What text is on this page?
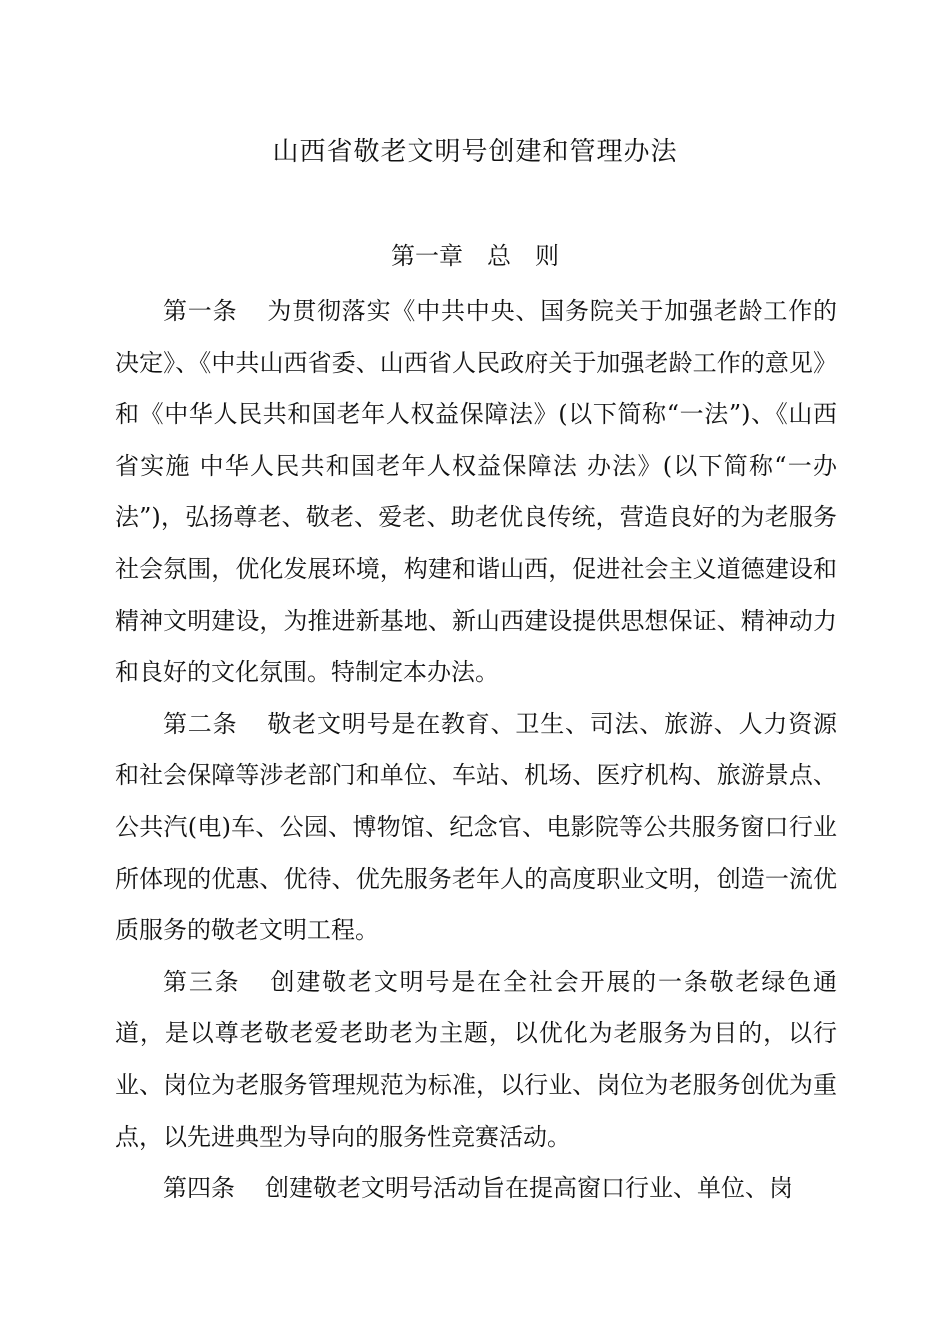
山西省敬老文明号创建和管理办法
第一章 总 则

第一条 为贯彻落实《中共中央、国务院关于加强老龄工作的决定》、《中共山西省委、山西省人民政府关于加强老龄工作的意见》和《中华人民共和国老年人权益保障法》(以下简称“一法”)、《山西省实施 中华人民共和国老年人权益保障法 办法》(以下简称“一办法”)，弘扬尊老、敬老、爱老、助老优良传统，营造良好的为老服务社会氛围，优化发展环境，构建和谐山西，促进社会主义道德建设和精神文明建设，为推进新基地、新山西建设提供思想保证、精神动力和良好的文化氛围。特制定本办法。

第二条 敬老文明号是在教育、卫生、司法、旅游、人力资源和社会保障等涉老部门和单位、车站、机场、医疗机构、旅游景点、公共汽(电)车、公园、博物馆、纪念官、电影院等公共服务窗口行业所体现的优惠、优待、优先服务老年人的高度职业文明，创造一流优质服务的敬老文明工程。

第三条 创建敬老文明号是在全社会开展的一条敬老绿色通道，是以尊老敬老爱老助老为主题，以优化为老服务为目的，以行业、岗位为老服务管理规范为标准，以行业、岗位为老服务创优为重点，以先进典型为导向的服务性竞赛活动。

第四条 创建敬老文明号活动旨在提高窗口行业、单位、岗
